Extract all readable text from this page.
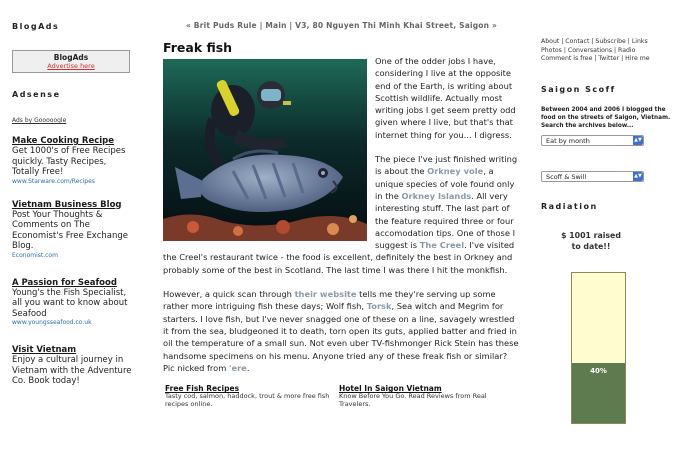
BlogAds
BlogAds
Advertise here
Adsense
Ads by Gooooogle
Make Cooking Recipe
Get 1000's of Free Recipes quickly. Tasty Recipes, Totally Free!
www.Starware.com/Recipes
Vietnam Business Blog
Post Your Thoughts & Comments on The Economist's Free Exchange Blog.
Economist.com
A Passion for Seafood
Young's the Fish Specialist, all you want to know about Seafood
www.youngsseafood.co.uk
Visit Vietnam
Enjoy a cultural journey in Vietnam with the Adventure Co. Book today!
« Brit Puds Rule | Main | V3, 80 Nguyen Thi Minh Khai Street, Saigon »
Freak fish

One of the odder jobs I have, considering I live at the opposite end of the Earth, is writing about Scottish wildlife. Actually most writing jobs I get seem pretty odd given where I live, but that's that internet thing for you... I digress.

The piece I've just finished writing is about the Orkney vole, a unique species of vole found only in the Orkney Islands. All very interesting stuff. The last part of the feature required three or four accomodation tips. One of those I suggest is The Creel. I've visited the Creel's restaurant twice - the food is excellent, definitely the best in Orkney and probably some of the best in Scotland. The last time I was there I hit the monkfish.

However, a quick scan through their website tells me they're serving up some rather more intriguing fish these days; Wolf fish, Torsk, Sea witch and Megrim for starters. I love fish, but I've never snagged one of these on a line, savagely wrestled it from the sea, bludgeoned it to death, torn open its guts, applied batter and fried in oil the temperature of a small sun. Not even uber TV-fishmonger Rick Stein has these handsome specimens on his menu. Anyone tried any of these freak fish or similar? Pic nicked from 'ere.

Free Fish Recipes
Tasty cod, salmon, haddock, trout & more free fish recipes online.
Hotel In Saigon Vietnam
Know Before You Go. Read Reviews from Real Travelers.
About | Contact | Subscribe | Links
Photos | Conversations | Radio
Comment is free | Twitter | Hire me
Saigon Scoff
Between 2004 and 2006 I blogged the food on the streets of Saigon, Vietnam. Search the archives below...
Eat by month	▲▼
Scoff & Swill	▲▼
Radiation
$ 1001 raised
to date!!
40%
